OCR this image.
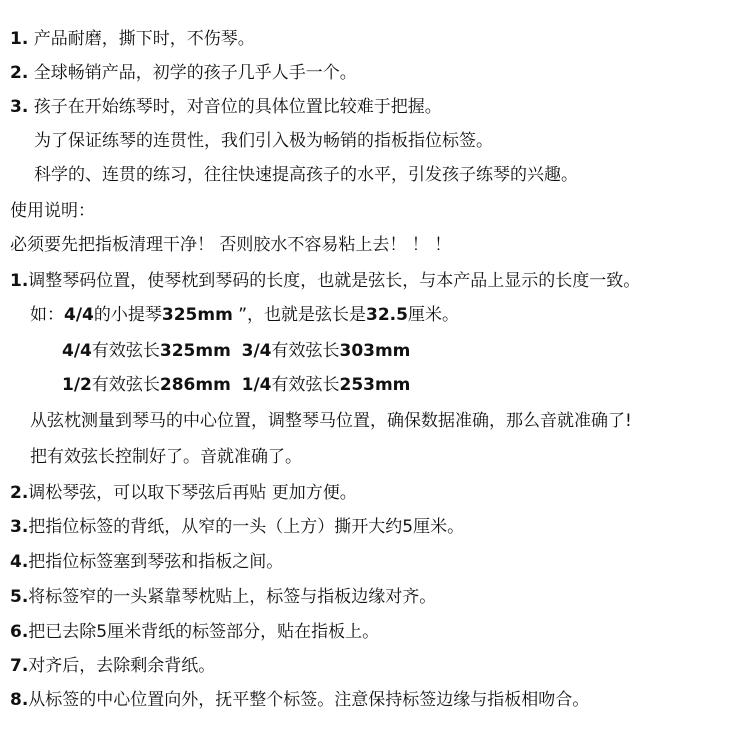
1. 产品耐磨，撕下时，不伤琴。
2. 全球畅销产品，初学的孩子几乎人手一个。
3. 孩子在开始练琴时，对音位的具体位置比较难于把握。
为了保证练琴的连贯性，我们引入极为畅销的指板指位标签。
科学的、连贯的练习，往往快速提高孩子的水平，引发孩子练琴的兴趣。
使用说明：
必须要先把指板清理干净！ 否则胶水不容易粘上去！ ！ ！
1.调整琴码位置，使琴枕到琴码的长度，也就是弦长，与本产品上显示的长度一致。
如：4/4的小提琴325mm ”，也就是弦长是32.5厘米。
4/4有效弦长325mm 3/4有效弦长303mm
1/2有效弦长286mm 1/4有效弦长253mm
从弦枕测量到琴马的中心位置，调整琴马位置，确保数据准确，那么音就准确了!
把有效弦长控制好了。音就准确了。
2.调松琴弦，可以取下琴弦后再贴 更加方便。
3.把指位标签的背纸，从窄的一头（上方）撕开大约5厘米。
4.把指位标签塞到琴弦和指板之间。
5.将标签窄的一头紧靠琴枕贴上，标签与指板边缘对齐。
6.把已去除5厘米背纸的标签部分，贴在指板上。
7.对齐后，去除剩余背纸。
8.从标签的中心位置向外，抚平整个标签。注意保持标签边缘与指板相吻合。
